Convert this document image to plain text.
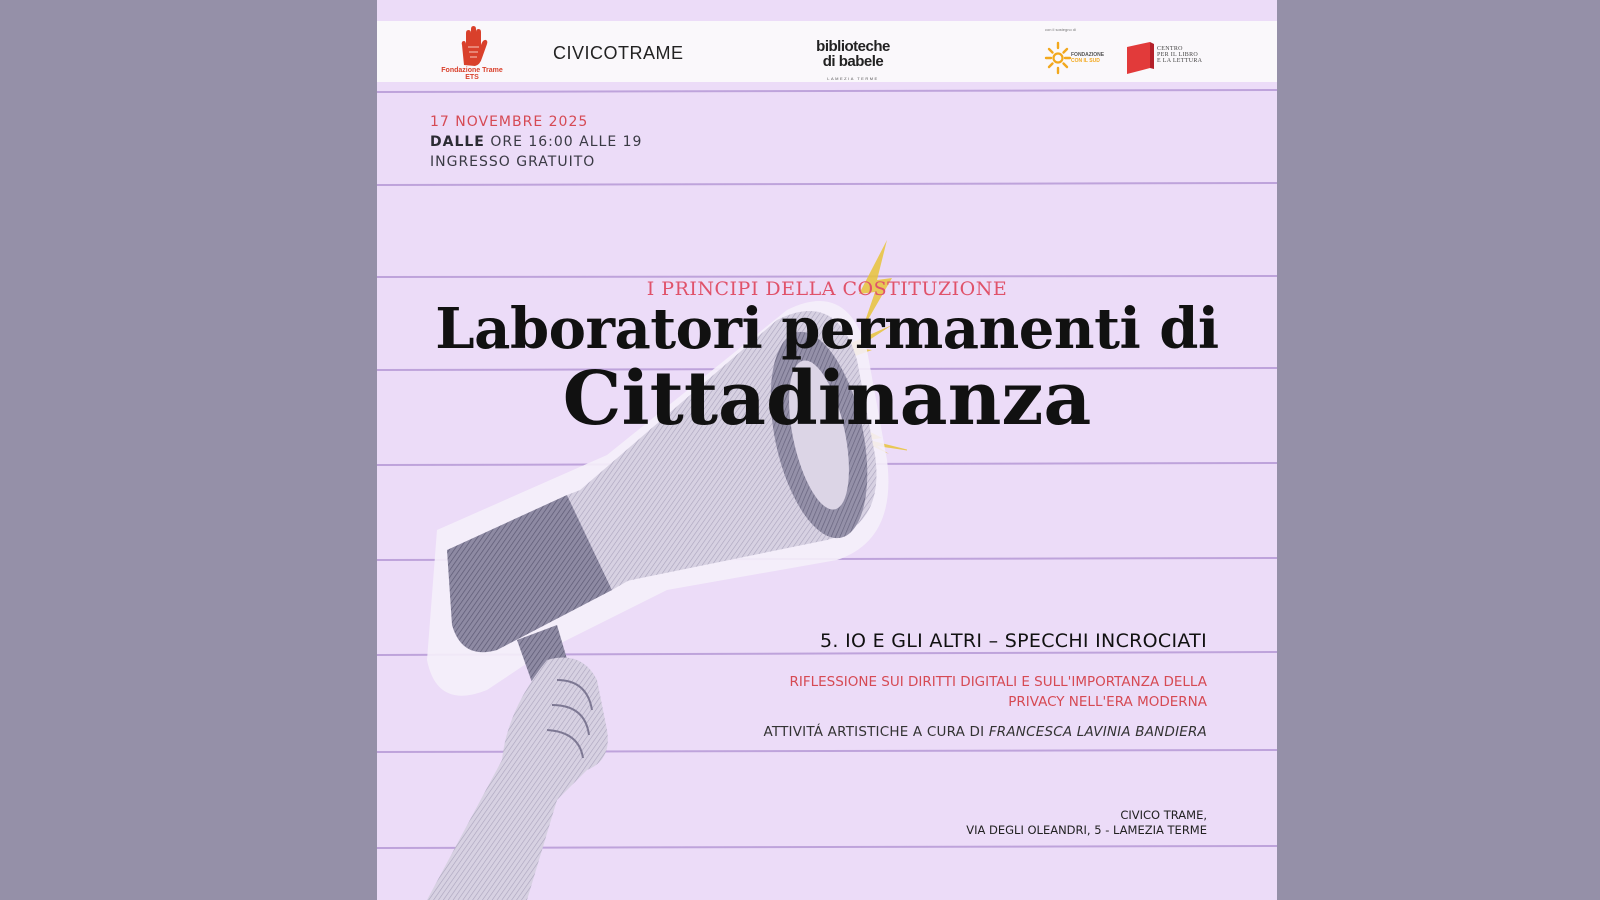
Fondazione Trame ETS
CIVICOTRAME	biblioteche
di babele
LAMEZIA TERME
con il sostegno di
FONDAZIONE
CON IL SUD
CENTRO
PER IL LIBRO
E LA LETTURA
17 NOVEMBRE 2025
DALLE ORE 16:00 ALLE 19
INGRESSO GRATUITO
I PRINCIPI DELLA COSTITUZIONE
Laboratori permanenti di
Cittadinanza
5. IO E GLI ALTRI – SPECCHI INCROCIATI
RIFLESSIONE SUI DIRITTI DIGITALI E SULL'IMPORTANZA DELLA
PRIVACY NELL'ERA MODERNA
ATTIVITÁ ARTISTICHE A CURA DI FRANCESCA LAVINIA BANDIERA
CIVICO TRAME,
VIA DEGLI OLEANDRI, 5 - LAMEZIA TERME
